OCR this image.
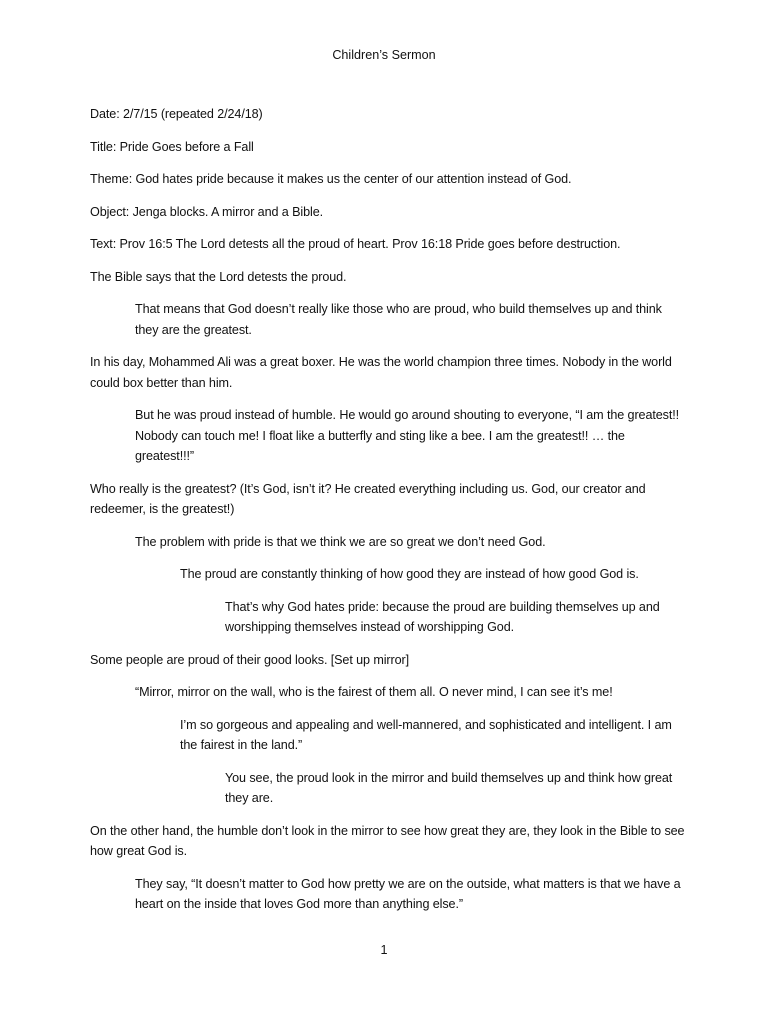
Children’s Sermon

Date: 2/7/15 (repeated 2/24/18)

Title: Pride Goes before a Fall

Theme: God hates pride because it makes us the center of our attention instead of God.

Object: Jenga blocks. A mirror and a Bible.

Text: Prov 16:5 The Lord detests all the proud of heart. Prov 16:18 Pride goes before destruction.

The Bible says that the Lord detests the proud.

That means that God doesn’t really like those who are proud, who build themselves up and think they are the greatest.

In his day, Mohammed Ali was a great boxer. He was the world champion three times. Nobody in the world could box better than him.

But he was proud instead of humble. He would go around shouting to everyone, “I am the greatest!! Nobody can touch me! I float like a butterfly and sting like a bee. I am the greatest!! … the greatest!!!”

Who really is the greatest? (It’s God, isn’t it? He created everything including us. God, our creator and redeemer, is the greatest!)

The problem with pride is that we think we are so great we don’t need God.

The proud are constantly thinking of how good they are instead of how good God is.

That’s why God hates pride: because the proud are building themselves up and worshipping themselves instead of worshipping God.

Some people are proud of their good looks. [Set up mirror]

“Mirror, mirror on the wall, who is the fairest of them all. O never mind, I can see it’s me!

I’m so gorgeous and appealing and well-mannered, and sophisticated and intelligent. I am the fairest in the land.”

You see, the proud look in the mirror and build themselves up and think how great they are.

On the other hand, the humble don’t look in the mirror to see how great they are, they look in the Bible to see how great God is.

They say, “It doesn’t matter to God how pretty we are on the outside, what matters is that we have a heart on the inside that loves God more than anything else.”

1
